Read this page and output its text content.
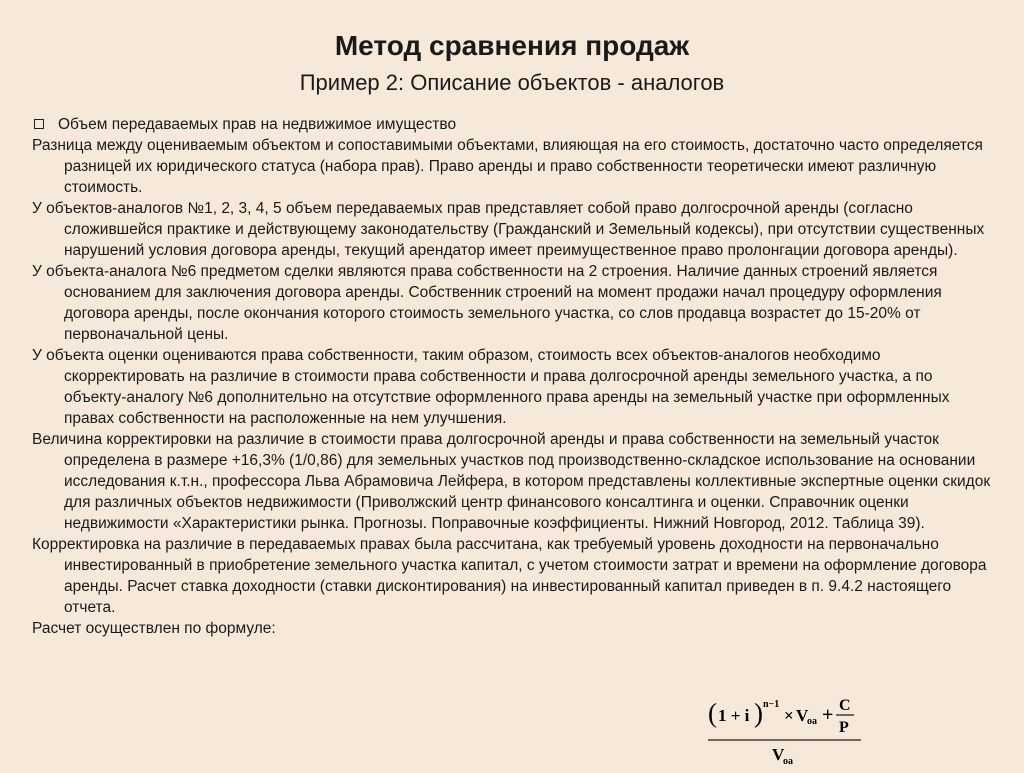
Метод сравнения продаж
Пример 2: Описание объектов - аналогов
Объем передаваемых прав на недвижимое имущество

Разница между оцениваемым объектом и сопоставимыми объектами, влияющая на его стоимость, достаточно часто определяется разницей их юридического статуса (набора прав). Право аренды и право собственности теоретически имеют различную стоимость.

У объектов-аналогов №1, 2, 3, 4, 5 объем передаваемых прав представляет собой право долгосрочной аренды (согласно сложившейся практике и действующему законодательству (Гражданский и Земельный кодексы), при отсутствии существенных нарушений условия договора аренды, текущий арендатор имеет преимущественное право пролонгации договора аренды).

У объекта-аналога №6 предметом сделки являются права собственности на 2 строения. Наличие данных строений является основанием для заключения договора аренды. Собственник строений на момент продажи начал процедуру оформления договора аренды, после окончания которого стоимость земельного участка, со слов продавца возрастет до 15-20% от первоначальной цены.

У объекта оценки оцениваются права собственности, таким образом, стоимость всех объектов-аналогов необходимо скорректировать на различие в стоимости права собственности и права долгосрочной аренды земельного участка, а по объекту-аналогу №6 дополнительно на отсутствие оформленного права аренды на земельный участке при оформленных правах собственности на расположенные на нем улучшения.

Величина корректировки на различие в стоимости права долгосрочной аренды и права собственности на земельный участок определена в размере +16,3% (1/0,86) для земельных участков под производственно-складское использование на основании исследования к.т.н., профессора Льва Абрамовича Лейфера, в котором представлены коллективные экспертные оценки скидок для различных объектов недвижимости (Приволжский центр финансового консалтинга и оценки. Справочник оценки недвижимости «Характеристики рынка. Прогнозы. Поправочные коэффициенты. Нижний Новгород, 2012. Таблица 39).

Корректировка на различие в передаваемых правах была рассчитана, как требуемый уровень доходности на первоначально инвестированный в приобретение земельного участка капитал, с учетом стоимости затрат и времени на оформление договора аренды. Расчет ставка доходности (ставки дисконтирования) на инвестированный капитал приведен в п. 9.4.2 настоящего отчета.

Расчет осуществлен по формуле:

( 1 + i ) n−1
× V
оа + C
P
V
оа
